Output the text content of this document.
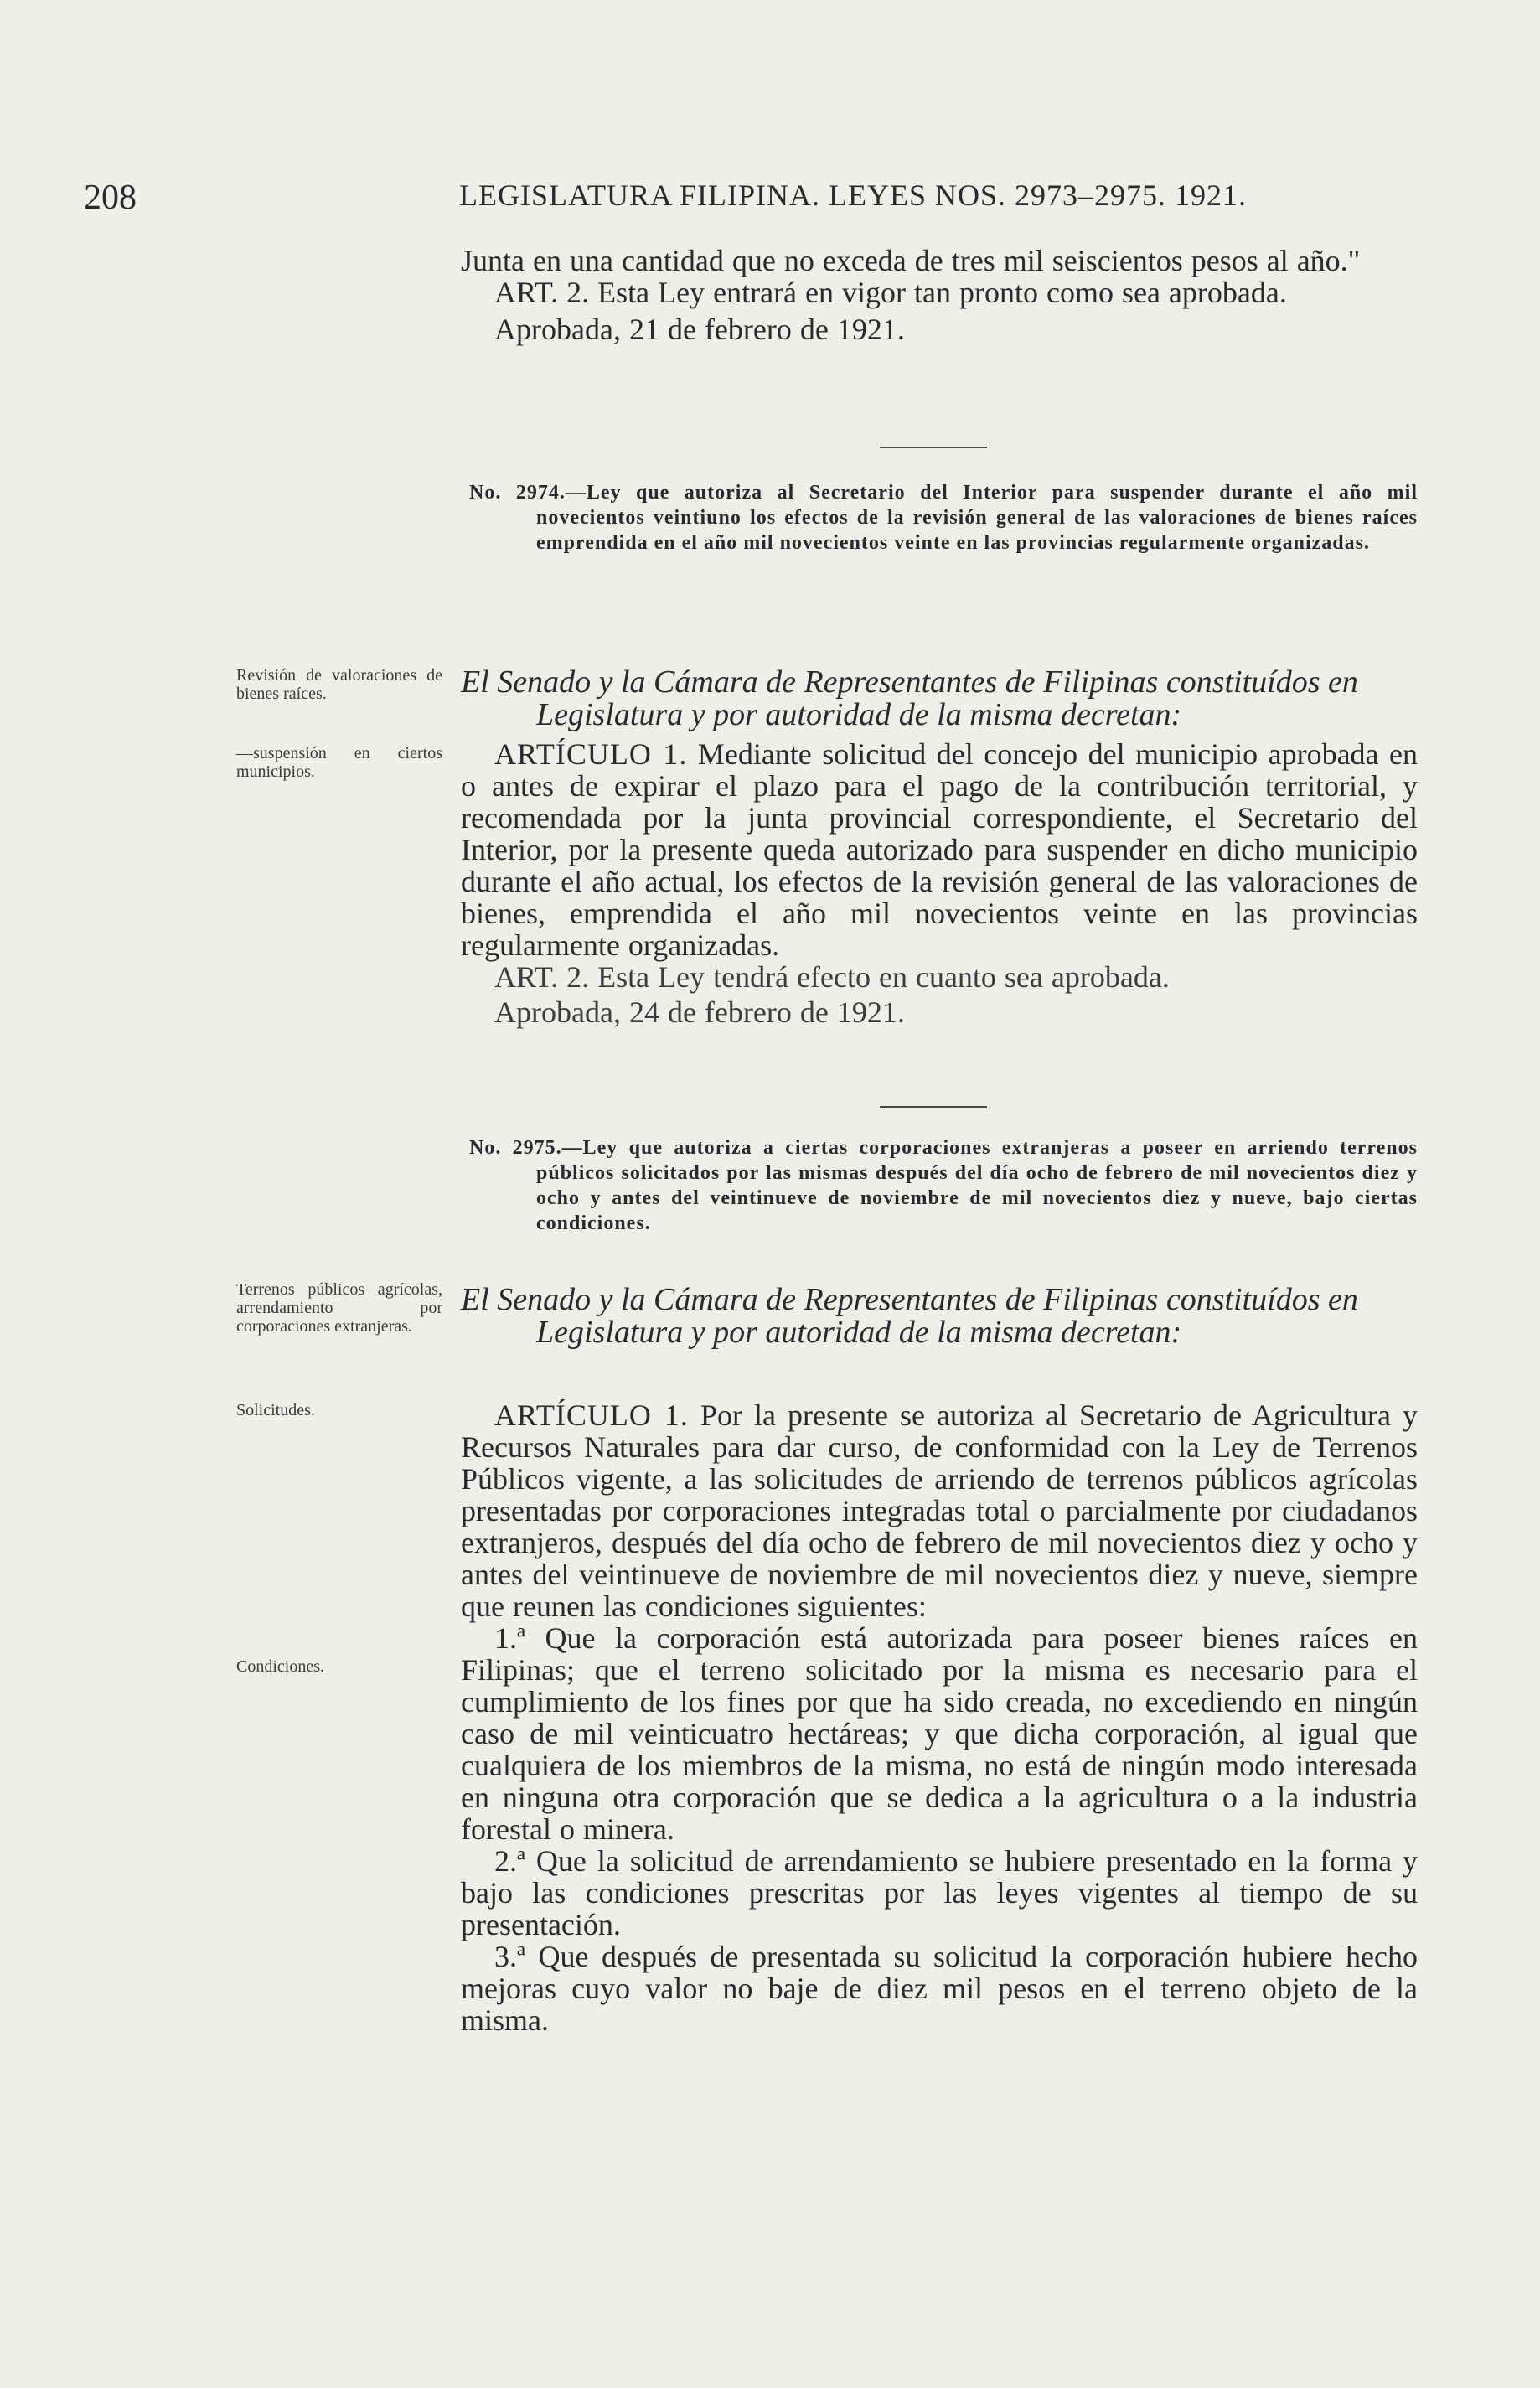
208	LEGISLATURA FILIPINA. LEYES NOS. 2973–2975. 1921.

Junta en una cantidad que no exceda de tres mil seiscientos pesos al año."

ART. 2. Esta Ley entrará en vigor tan pronto como sea aprobada.

Aprobada, 21 de febrero de 1921.

No. 2974.—Ley que autoriza al Secretario del Interior para suspender durante el año mil novecientos veintiuno los efectos de la revisión general de las valoraciones de bienes raíces emprendida en el año mil novecientos veinte en las provincias regularmente organizadas.

Revisión de valoraciones de bienes raíces.

—suspensión en ciertos municipios.

El Senado y la Cámara de Representantes de Filipinas constituídos en Legislatura y por autoridad de la misma decretan:

ARTÍCULO 1. Mediante solicitud del concejo del municipio aprobada en o antes de expirar el plazo para el pago de la contribución territorial, y recomendada por la junta provincial correspondiente, el Secretario del Interior, por la presente queda autorizado para suspender en dicho municipio durante el año actual, los efectos de la revisión general de las valoraciones de bienes, emprendida el año mil novecientos veinte en las provincias regularmente organizadas.

ART. 2. Esta Ley tendrá efecto en cuanto sea aprobada.

Aprobada, 24 de febrero de 1921.

No. 2975.—Ley que autoriza a ciertas corporaciones extranjeras a poseer en arriendo terrenos públicos solicitados por las mismas después del día ocho de febrero de mil novecientos diez y ocho y antes del veintinueve de noviembre de mil novecientos diez y nueve, bajo ciertas condiciones.

Terrenos públicos agrícolas, arrendamiento por corporaciones extranjeras.

Solicitudes.

Condiciones.

El Senado y la Cámara de Representantes de Filipinas constituídos en Legislatura y por autoridad de la misma decretan:

ARTÍCULO 1. Por la presente se autoriza al Secretario de Agricultura y Recursos Naturales para dar curso, de conformidad con la Ley de Terrenos Públicos vigente, a las solicitudes de arriendo de terrenos públicos agrícolas presentadas por corporaciones integradas total o parcialmente por ciudadanos extranjeros, después del día ocho de febrero de mil novecientos diez y ocho y antes del veintinueve de noviembre de mil novecientos diez y nueve, siempre que reunen las condiciones siguientes:

1.ª Que la corporación está autorizada para poseer bienes raíces en Filipinas; que el terreno solicitado por la misma es necesario para el cumplimiento de los fines por que ha sido creada, no excediendo en ningún caso de mil veinticuatro hectáreas; y que dicha corporación, al igual que cualquiera de los miembros de la misma, no está de ningún modo interesada en ninguna otra corporación que se dedica a la agricultura o a la industria forestal o minera.

2.ª Que la solicitud de arrendamiento se hubiere presentado en la forma y bajo las condiciones prescritas por las leyes vigentes al tiempo de su presentación.

3.ª Que después de presentada su solicitud la corporación hubiere hecho mejoras cuyo valor no baje de diez mil pesos en el terreno objeto de la misma.
